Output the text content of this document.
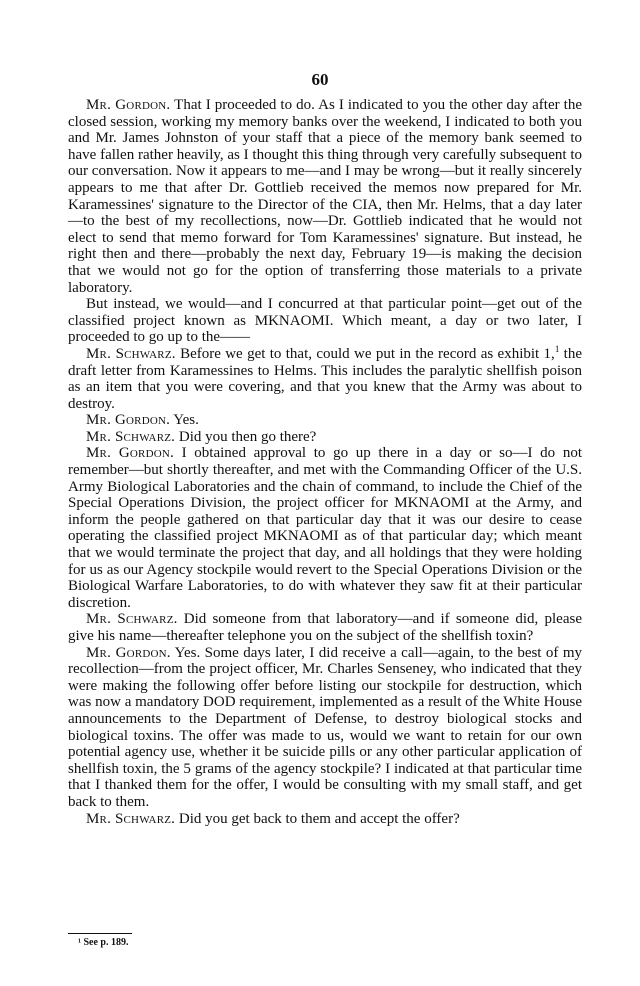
60

Mr. Gordon. That I proceeded to do. As I indicated to you the other day after the closed session, working my memory banks over the weekend, I indicated to both you and Mr. James Johnston of your staff that a piece of the memory bank seemed to have fallen rather heavily, as I thought this thing through very carefully subsequent to our conversation. Now it appears to me—and I may be wrong—but it really sincerely appears to me that after Dr. Gottlieb received the memos now prepared for Mr. Karamessines' signature to the Director of the CIA, then Mr. Helms, that a day later—to the best of my recollections, now—Dr. Gottlieb indicated that he would not elect to send that memo forward for Tom Karamessines' signature. But instead, he right then and there—probably the next day, February 19—is making the decision that we would not go for the option of transferring those materials to a private laboratory.

But instead, we would—and I concurred at that particular point—get out of the classified project known as MKNAOMI. Which meant, a day or two later, I proceeded to go up to the——

Mr. Schwarz. Before we get to that, could we put in the record as exhibit 1,$^1$ the draft letter from Karamessines to Helms. This includes the paralytic shellfish poison as an item that you were covering, and that you knew that the Army was about to destroy.

Mr. Gordon. Yes.

Mr. Schwarz. Did you then go there?

Mr. Gordon. I obtained approval to go up there in a day or so—I do not remember—but shortly thereafter, and met with the Commanding Officer of the U.S. Army Biological Laboratories and the chain of command, to include the Chief of the Special Operations Division, the project officer for MKNAOMI at the Army, and inform the people gathered on that particular day that it was our desire to cease operating the classified project MKNAOMI as of that particular day; which meant that we would terminate the project that day, and all holdings that they were holding for us as our Agency stockpile would revert to the Special Operations Division or the Biological Warfare Laboratories, to do with whatever they saw fit at their particular discretion.

Mr. Schwarz. Did someone from that laboratory—and if someone did, please give his name—thereafter telephone you on the subject of the shellfish toxin?

Mr. Gordon. Yes. Some days later, I did receive a call—again, to the best of my recollection—from the project officer, Mr. Charles Senseney, who indicated that they were making the following offer before listing our stockpile for destruction, which was now a mandatory DOD requirement, implemented as a result of the White House announcements to the Department of Defense, to destroy biological stocks and biological toxins. The offer was made to us, would we want to retain for our own potential agency use, whether it be suicide pills or any other particular application of shellfish toxin, the 5 grams of the agency stockpile? I indicated at that particular time that I thanked them for the offer, I would be consulting with my small staff, and get back to them.

Mr. Schwarz. Did you get back to them and accept the offer?

¹ See p. 189.
